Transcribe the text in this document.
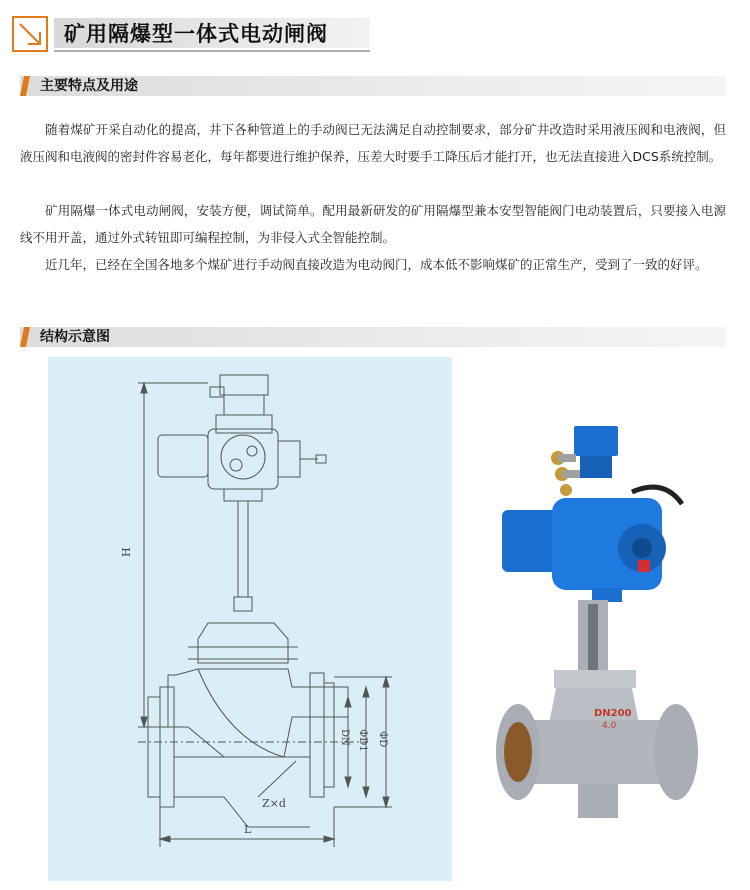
矿用隔爆型一体式电动闸阀
主要特点及用途

随着煤矿开采自动化的提高，井下各种管道上的手动阀已无法满足自动控制要求，部分矿井改造时采用液压阀和电液阀，但液压阀和电液阀的密封件容易老化，每年都要进行维护保养，压差大时要手工降压后才能打开，也无法直接进入DCS系统控制。

矿用隔爆一体式电动闸阀，安装方便，调试简单。配用最新研发的矿用隔爆型兼本安型智能阀门电动装置后，只要接入电源线不用开盖，通过外式转钮即可编程控制，为非侵入式全智能控制。

近几年，已经在全国各地多个煤矿进行手动阀直接改造为电动阀门，成本低不影响煤矿的正常生产，受到了一致的好评。

结构示意图
H
L
Z×d
DN ΦD1 ΦD
DN200
4.0
